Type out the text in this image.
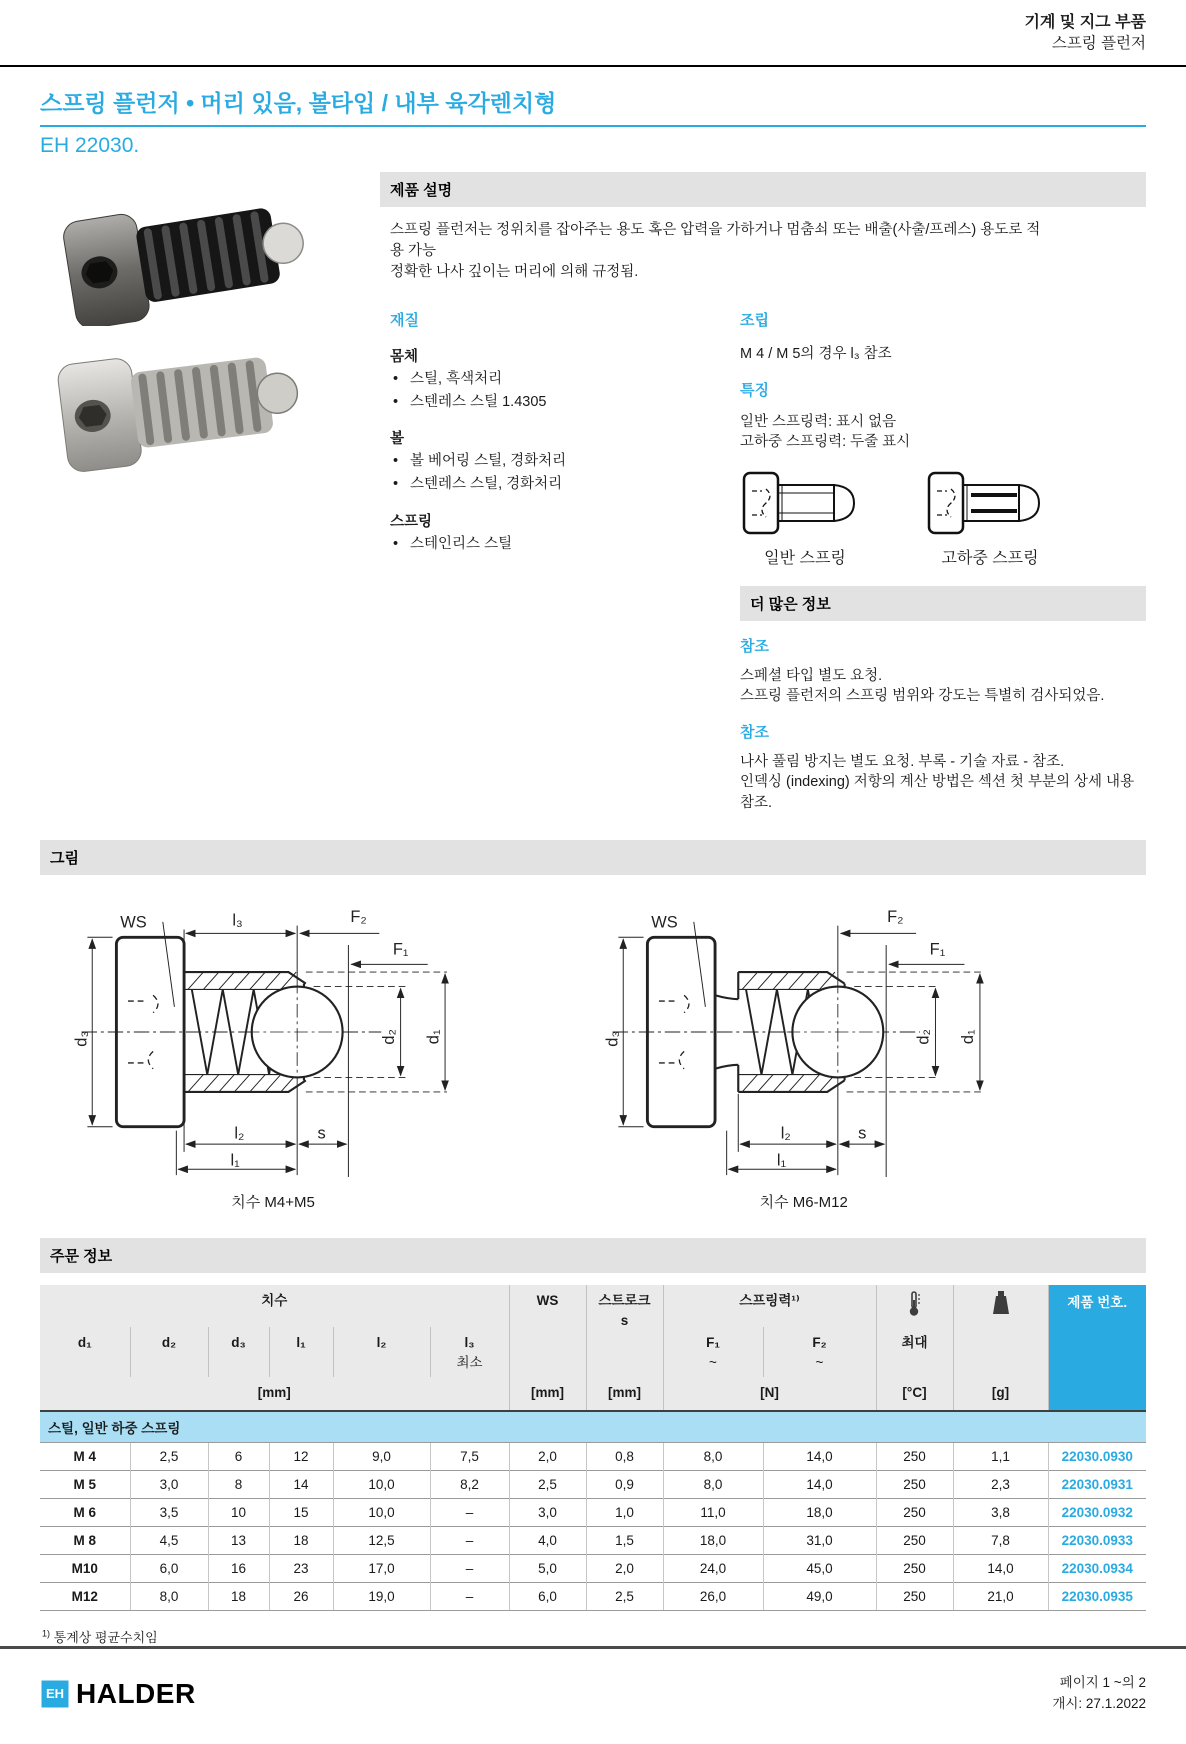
기계 및 지그 부품
스프링 플런저
스프링 플런저 • 머리 있음, 볼타입 / 내부 육각렌치형
EH 22030.
제품 설명

스프링 플런저는 정위치를 잡아주는 용도 혹은 압력을 가하거나 멈춤쇠 또는 배출(사출/프레스) 용도로 적용 가능

정확한 나사 깊이는 머리에 의해 규정됨.

재질
몸체
• 스틸, 흑색처리
• 스텐레스 스틸 1.4305
볼
• 볼 베어링 스틸, 경화처리
• 스텐레스 스틸, 경화처리
스프링
• 스테인리스 스틸
조립

M 4 / M 5의 경우 l₃ 참조

특징
일반 스프링력: 표시 없음
고하중 스프링력: 두줄 표시
일반 스프링	고하중 스프링
더 많은 정보
참조
스페셜 타입 별도 요청.
스프링 플런저의 스프링 범위와 강도는 특별히 검사되었음.
참조
나사 풀림 방지는 별도 요청. 부록 - 기술 자료 - 참조.
인덱싱 (indexing) 저항의 계산 방법은 섹션 첫 부분의 상세 내용 참조.
그림
WS	l₃	F₂
F₁
d₃	d₂ d₁
l₂	s
l₁
치수 M4+M5
WS	F₂
F₁
d₃	d₂ d₁
l₂	s
l₁
치수 M6-M12
주문 정보
치수						WS	스트로크
s	스프링력¹⁾				제품 번호.
d₁	d₂	d₃	l₁	l₂	l₃
최소

F₁
~

F₂
~
	최대
[mm]						[mm]	[mm]	[N]		[°C]	[g]	
스틸, 일반 하중 스프링												
M 4	2,5	6	12	9,0	7,5	2,0	0,8	8,0	14,0	250	1,1	22030.0930
M 5	3,0	8	14	10,0	8,2	2,5	0,9	8,0	14,0	250	2,3	22030.0931
M 6	3,5	10	15	10,0	–	3,0	1,0	11,0	18,0	250	3,8	22030.0932
M 8	4,5	13	18	12,5	–	4,0	1,5	18,0	31,0	250	7,8	22030.0933
M10	6,0	16	23	17,0	–	5,0	2,0	24,0	45,0	250	14,0	22030.0934
M12	8,0	18	26	19,0	–	6,0	2,5	26,0	49,0	250	21,0	22030.0935
$^{1)}$ 통계상 평균수치임
EH HALDER	페이지 1 ~의 2
개시: 27.1.2022
